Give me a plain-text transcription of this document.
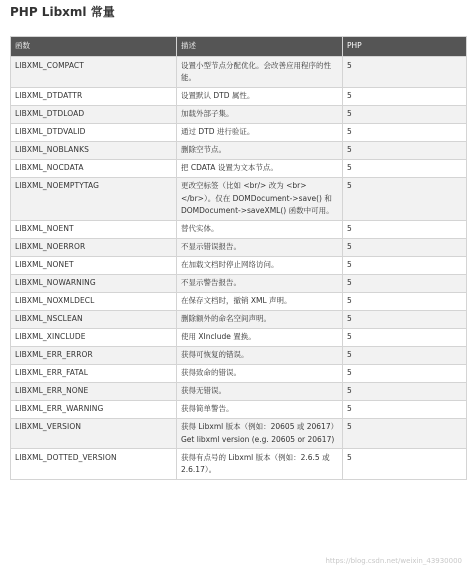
PHP Libxml 常量
函数	描述	PHP
LIBXML_COMPACT	设置小型节点分配优化。会改善应用程序的性能。	5
LIBXML_DTDATTR	设置默认 DTD 属性。	5
LIBXML_DTDLOAD	加载外部子集。	5
LIBXML_DTDVALID	通过 DTD 进行验证。	5
LIBXML_NOBLANKS	删除空节点。	5
LIBXML_NOCDATA	把 CDATA 设置为文本节点。	5
LIBXML_NOEMPTYTAG	更改空标签（比如 <br/> 改为 <br></br>）。仅在 DOMDocument->save() 和 DOMDocument->saveXML() 函数中可用。	5
LIBXML_NOENT	替代实体。	5
LIBXML_NOERROR	不显示错误报告。	5
LIBXML_NONET	在加载文档时停止网络访问。	5
LIBXML_NOWARNING	不显示警告报告。	5
LIBXML_NOXMLDECL	在保存文档时，撤销 XML 声明。	5
LIBXML_NSCLEAN	删除额外的命名空间声明。	5
LIBXML_XINCLUDE	使用 XInclude 置换。	5
LIBXML_ERR_ERROR	获得可恢复的错误。	5
LIBXML_ERR_FATAL	获得致命的错误。	5
LIBXML_ERR_NONE	获得无错误。	5
LIBXML_ERR_WARNING	获得简单警告。	5
LIBXML_VERSION	获得 Libxml 版本（例如：20605 或 20617）Get libxml version (e.g. 20605 or 20617)	5
LIBXML_DOTTED_VERSION	获得有点号的 Libxml 版本（例如：2.6.5 或 2.6.17）。	5
https://blog.csdn.net/weixin_43930000
